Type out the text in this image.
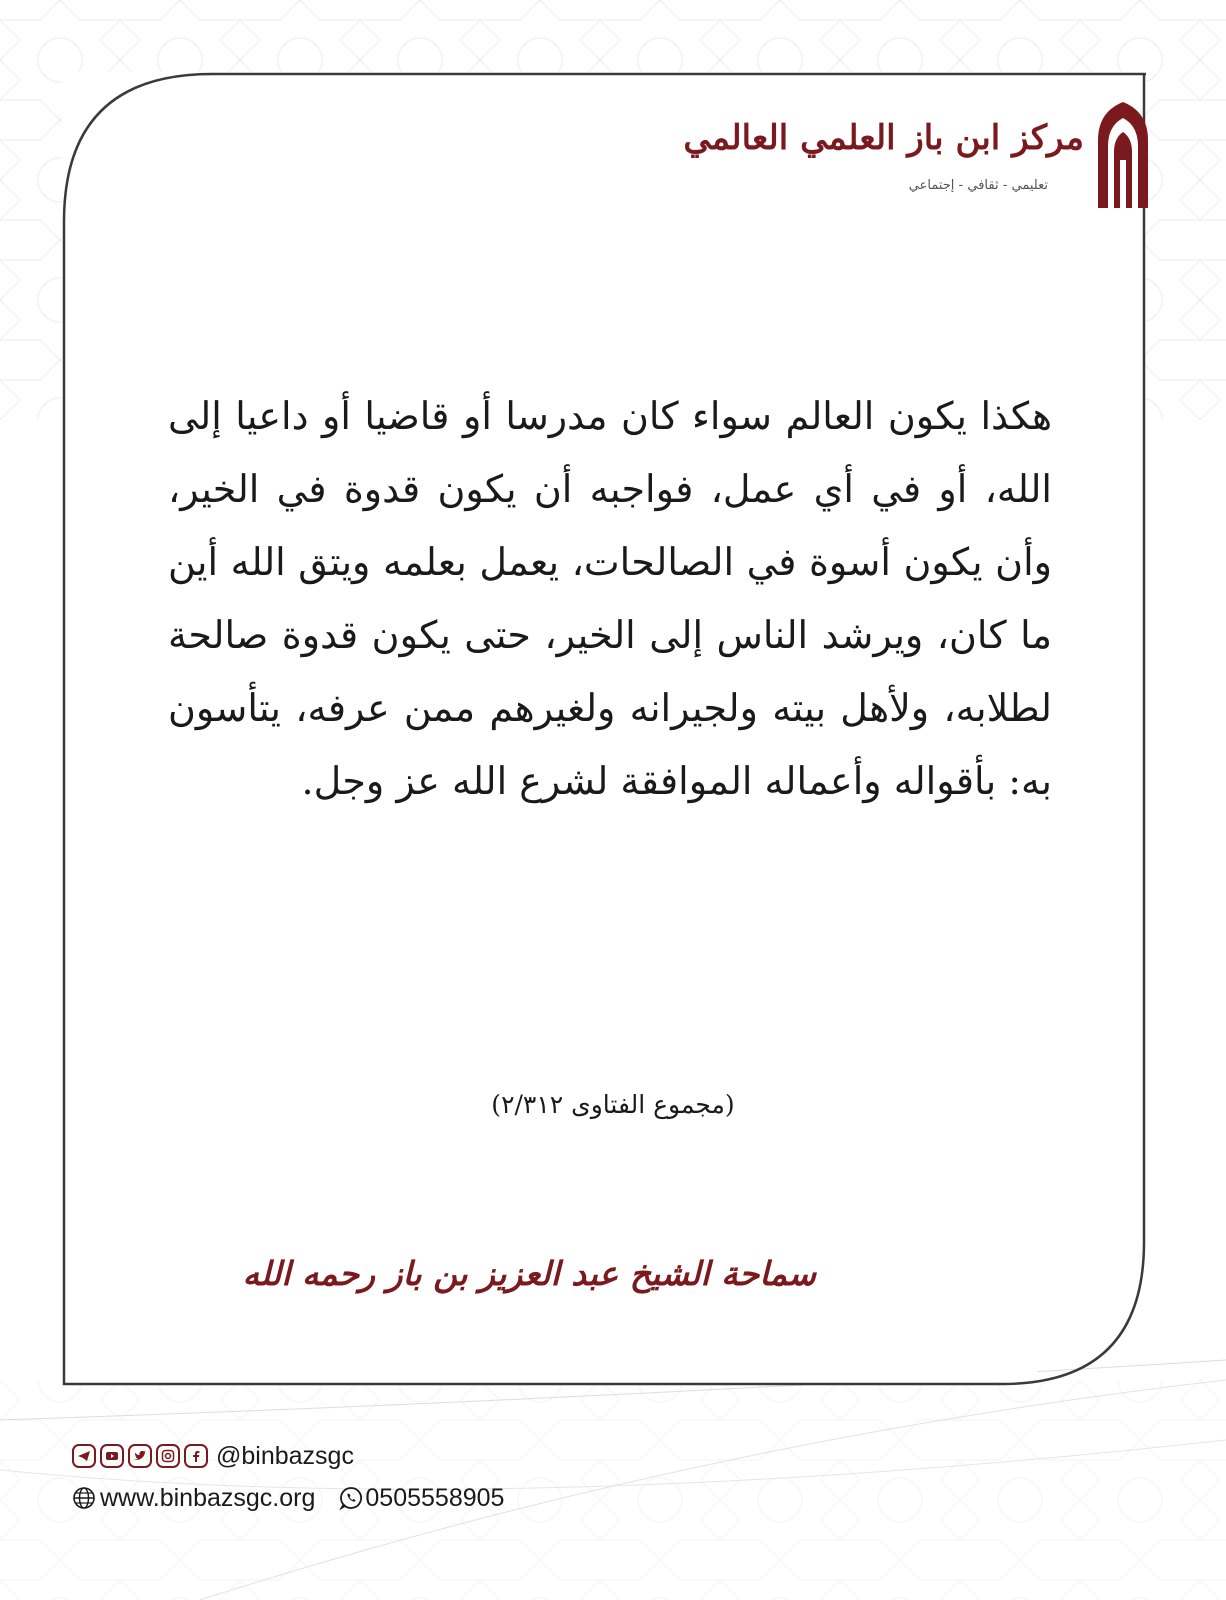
مركز ابن باز العلمي العالمي
تعليمي - ثقافي - إجتماعي
هكذا يكون العالم سواء كان مدرسا أو قاضيا أو داعيا إلى الله، أو في أي عمل، فواجبه أن يكون قدوة في الخير، وأن يكون أسوة في الصالحات، يعمل بعلمه ويتق الله أين ما كان، ويرشد الناس إلى الخير، حتى يكون قدوة صالحة لطلابه، ولأهل بيته ولجيرانه ولغيرهم ممن عرفه، يتأسون به: بأقواله وأعماله الموافقة لشرع الله عز وجل.
(مجموع الفتاوى ٢/٣١٢)
سماحة الشيخ عبد العزيز بن باز رحمه الله
@binbazsgc
www.binbazsgc.org 0505558905
